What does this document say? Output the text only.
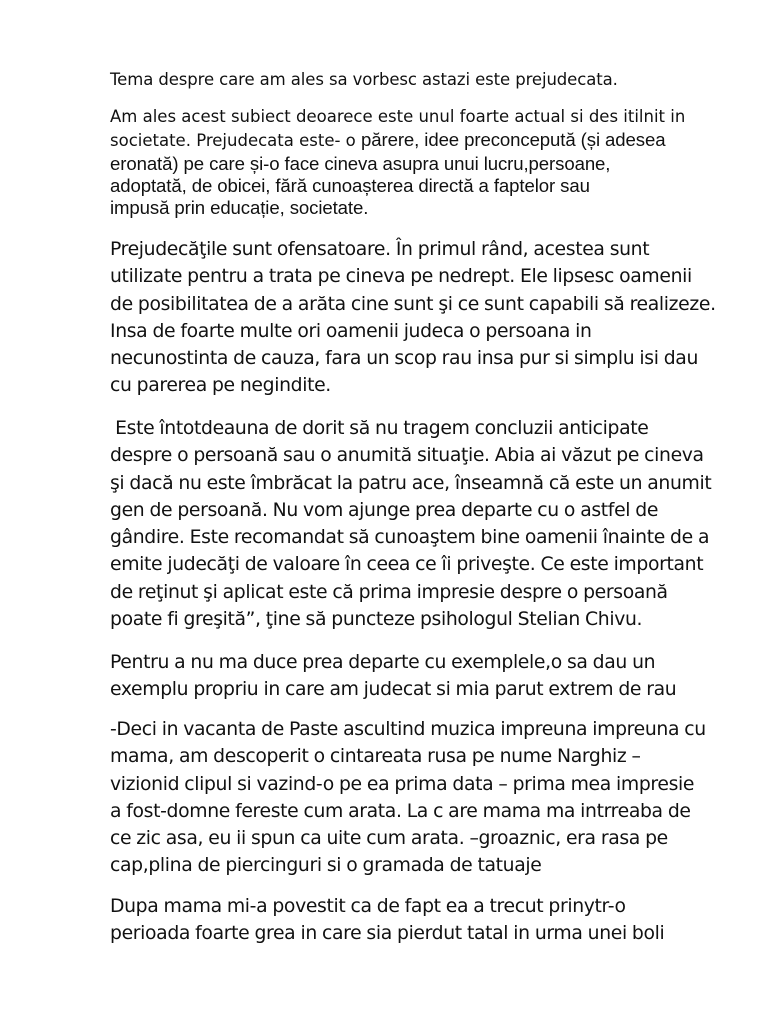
Tema despre care am ales sa vorbesc astazi este prejudecata.

Am ales acest subiect deoarece este unul foarte actual si des itilnit in
societate. Prejudecata este- o părere, idee preconcepută (și adesea
eronată) pe care și-o face cineva asupra unui lucru,persoane,
adoptată, de obicei, fără cunoașterea directă a faptelor sau
impusă prin educație, societate.

Prejudecăţile sunt ofensatoare. În primul rând, acestea sunt
utilizate pentru a trata pe cineva pe nedrept. Ele lipsesc oamenii
de posibilitatea de a arăta cine sunt şi ce sunt capabili să realizeze.
Insa de foarte multe ori oamenii judeca o persoana in
necunostinta de cauza, fara un scop rau insa pur si simplu isi dau
cu parerea pe negindite.

Este întotdeauna de dorit să nu tragem concluzii anticipate
despre o persoană sau o anumită situaţie. Abia ai văzut pe cineva
şi dacă nu este îmbrăcat la patru ace, înseamnă că este un anumit
gen de persoană. Nu vom ajunge prea departe cu o astfel de
gândire. Este recomandat să cunoaştem bine oamenii înainte de a
emite judecăţi de valoare în ceea ce îi priveşte. Ce este important
de reţinut şi aplicat este că prima impresie despre o persoană
poate fi greşită”, ţine să puncteze psihologul Stelian Chivu.

Pentru a nu ma duce prea departe cu exemplele,o sa dau un
exemplu propriu in care am judecat si mia parut extrem de rau

-Deci in vacanta de Paste ascultind muzica impreuna impreuna cu
mama, am descoperit o cintareata rusa pe nume Narghiz –
vizionid clipul si vazind-o pe ea prima data – prima mea impresie
a fost-domne fereste cum arata. La c are mama ma intrreaba de
ce zic asa, eu ii spun ca uite cum arata. –groaznic, era rasa pe
cap,plina de piercinguri si o gramada de tatuaje

Dupa mama mi-a povestit ca de fapt ea a trecut prinytr-o
perioada foarte grea in care sia pierdut tatal in urma unei boli
